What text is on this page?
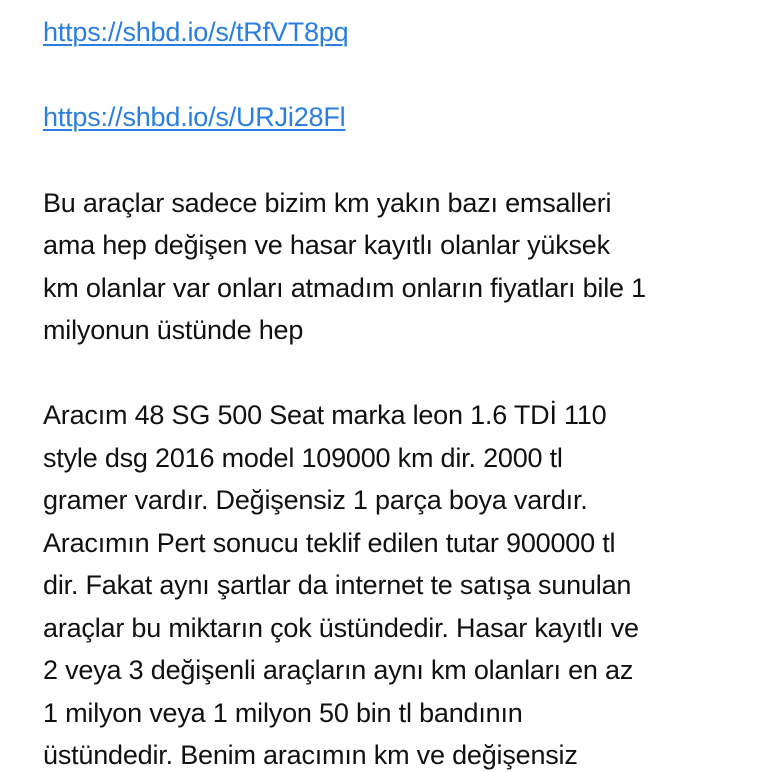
https://shbd.io/s/tRfVT8pq
https://shbd.io/s/URJi28Fl
Bu araçlar sadece bizim km yakın bazı emsalleri
ama hep değişen ve hasar kayıtlı olanlar yüksek
km olanlar var onları atmadım onların fiyatları bile 1
milyonun üstünde hep
Aracım 48 SG 500 Seat marka leon 1.6 TDİ 110
style dsg 2016 model 109000 km dir. 2000 tl
gramer vardır. Değişensiz 1 parça boya vardır.
Aracımın Pert sonucu teklif edilen tutar 900000 tl
dir. Fakat aynı şartlar da internet te satışa sunulan
araçlar bu miktarın çok üstündedir. Hasar kayıtlı ve
2 veya 3 değişenli araçların aynı km olanları en az
1 milyon veya 1 milyon 50 bin tl bandının
üstündedir. Benim aracımın km ve değişensiz
